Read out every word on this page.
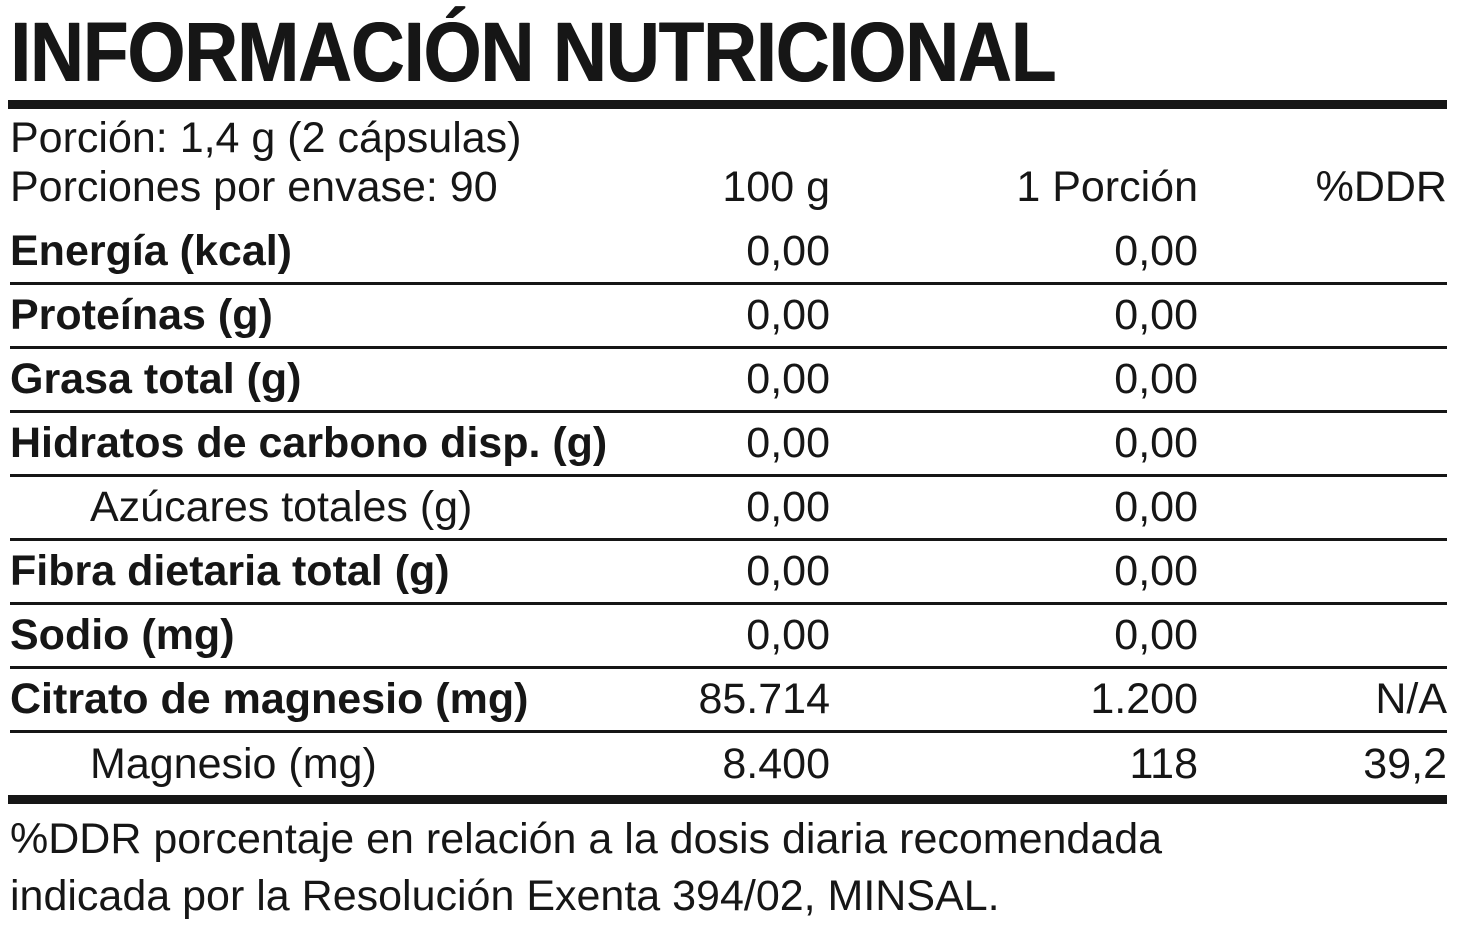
INFORMACIÓN NUTRICIONAL
Porción: 1,4 g (2 cápsulas)
Porciones por envase: 90	100 g	1 Porción	%DDR
Energía (kcal)	0,00	0,00
Proteínas (g)	0,00	0,00
Grasa total (g)	0,00	0,00
Hidratos de carbono disp. (g)	0,00	0,00
Azúcares totales (g)	0,00	0,00
Fibra dietaria total (g)	0,00	0,00
Sodio (mg)	0,00	0,00
Citrato de magnesio (mg)	85.714	1.200	N/A
Magnesio (mg)	8.400	118	39,2
%DDR porcentaje en relación a la dosis diaria recomendada
indicada por la Resolución Exenta 394/02, MINSAL.
